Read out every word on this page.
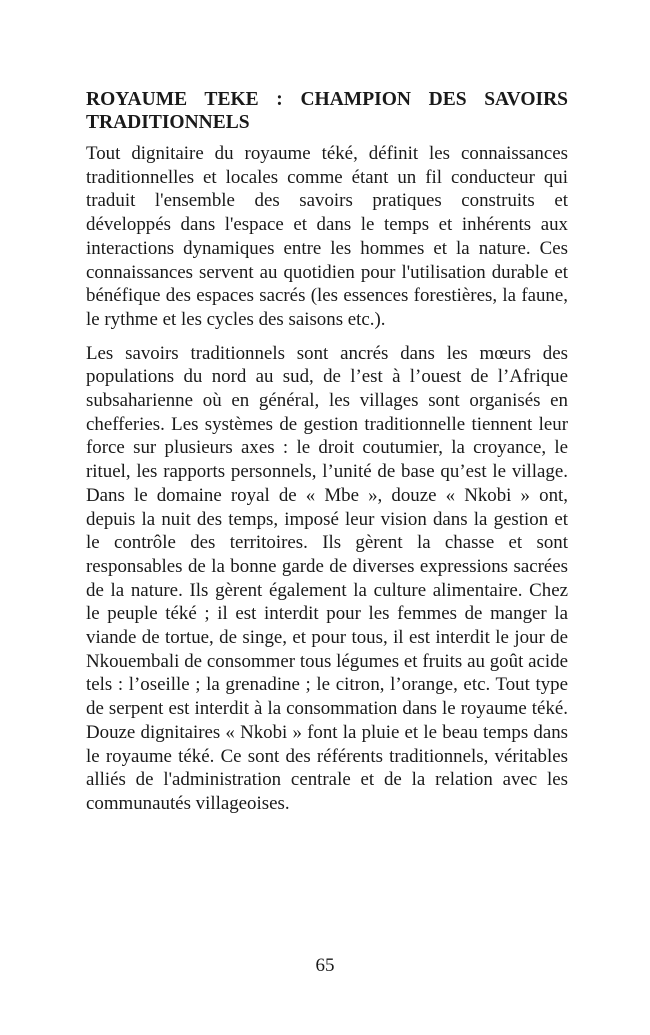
ROYAUME TEKE : CHAMPION DES SAVOIRS TRADITIONNELS

Tout dignitaire du royaume téké, définit les connaissances traditionnelles et locales comme étant un fil conducteur qui traduit l'ensemble des savoirs pratiques construits et développés dans l'espace et dans le temps et inhérents aux interactions dynamiques entre les hommes et la nature. Ces connaissances servent au quotidien pour l'utilisation durable et bénéfique des espaces sacrés (les essences forestières, la faune, le rythme et les cycles des saisons etc.).

Les savoirs traditionnels sont ancrés dans les mœurs des populations du nord au sud, de l’est à l’ouest de l’Afrique subsaharienne où en général, les villages sont organisés en chefferies. Les systèmes de gestion traditionnelle tiennent leur force sur plusieurs axes : le droit coutumier, la croyance, le rituel, les rapports personnels, l’unité de base qu’est le village. Dans le domaine royal de « Mbe », douze « Nkobi » ont, depuis la nuit des temps, imposé leur vision dans la gestion et le contrôle des territoires. Ils gèrent la chasse et sont responsables de la bonne garde de diverses expressions sacrées de la nature. Ils gèrent également la culture alimentaire. Chez le peuple téké ; il est interdit pour les femmes de manger la viande de tortue, de singe, et pour tous, il est interdit le jour de Nkouembali de consommer tous légumes et fruits au goût acide tels : l’oseille ; la grenadine ; le citron, l’orange, etc. Tout type de serpent est interdit à la consommation dans le royaume téké. Douze dignitaires « Nkobi » font la pluie et le beau temps dans le royaume téké. Ce sont des référents traditionnels, véritables alliés de l'administration centrale et de la relation avec les communautés villageoises.

65
